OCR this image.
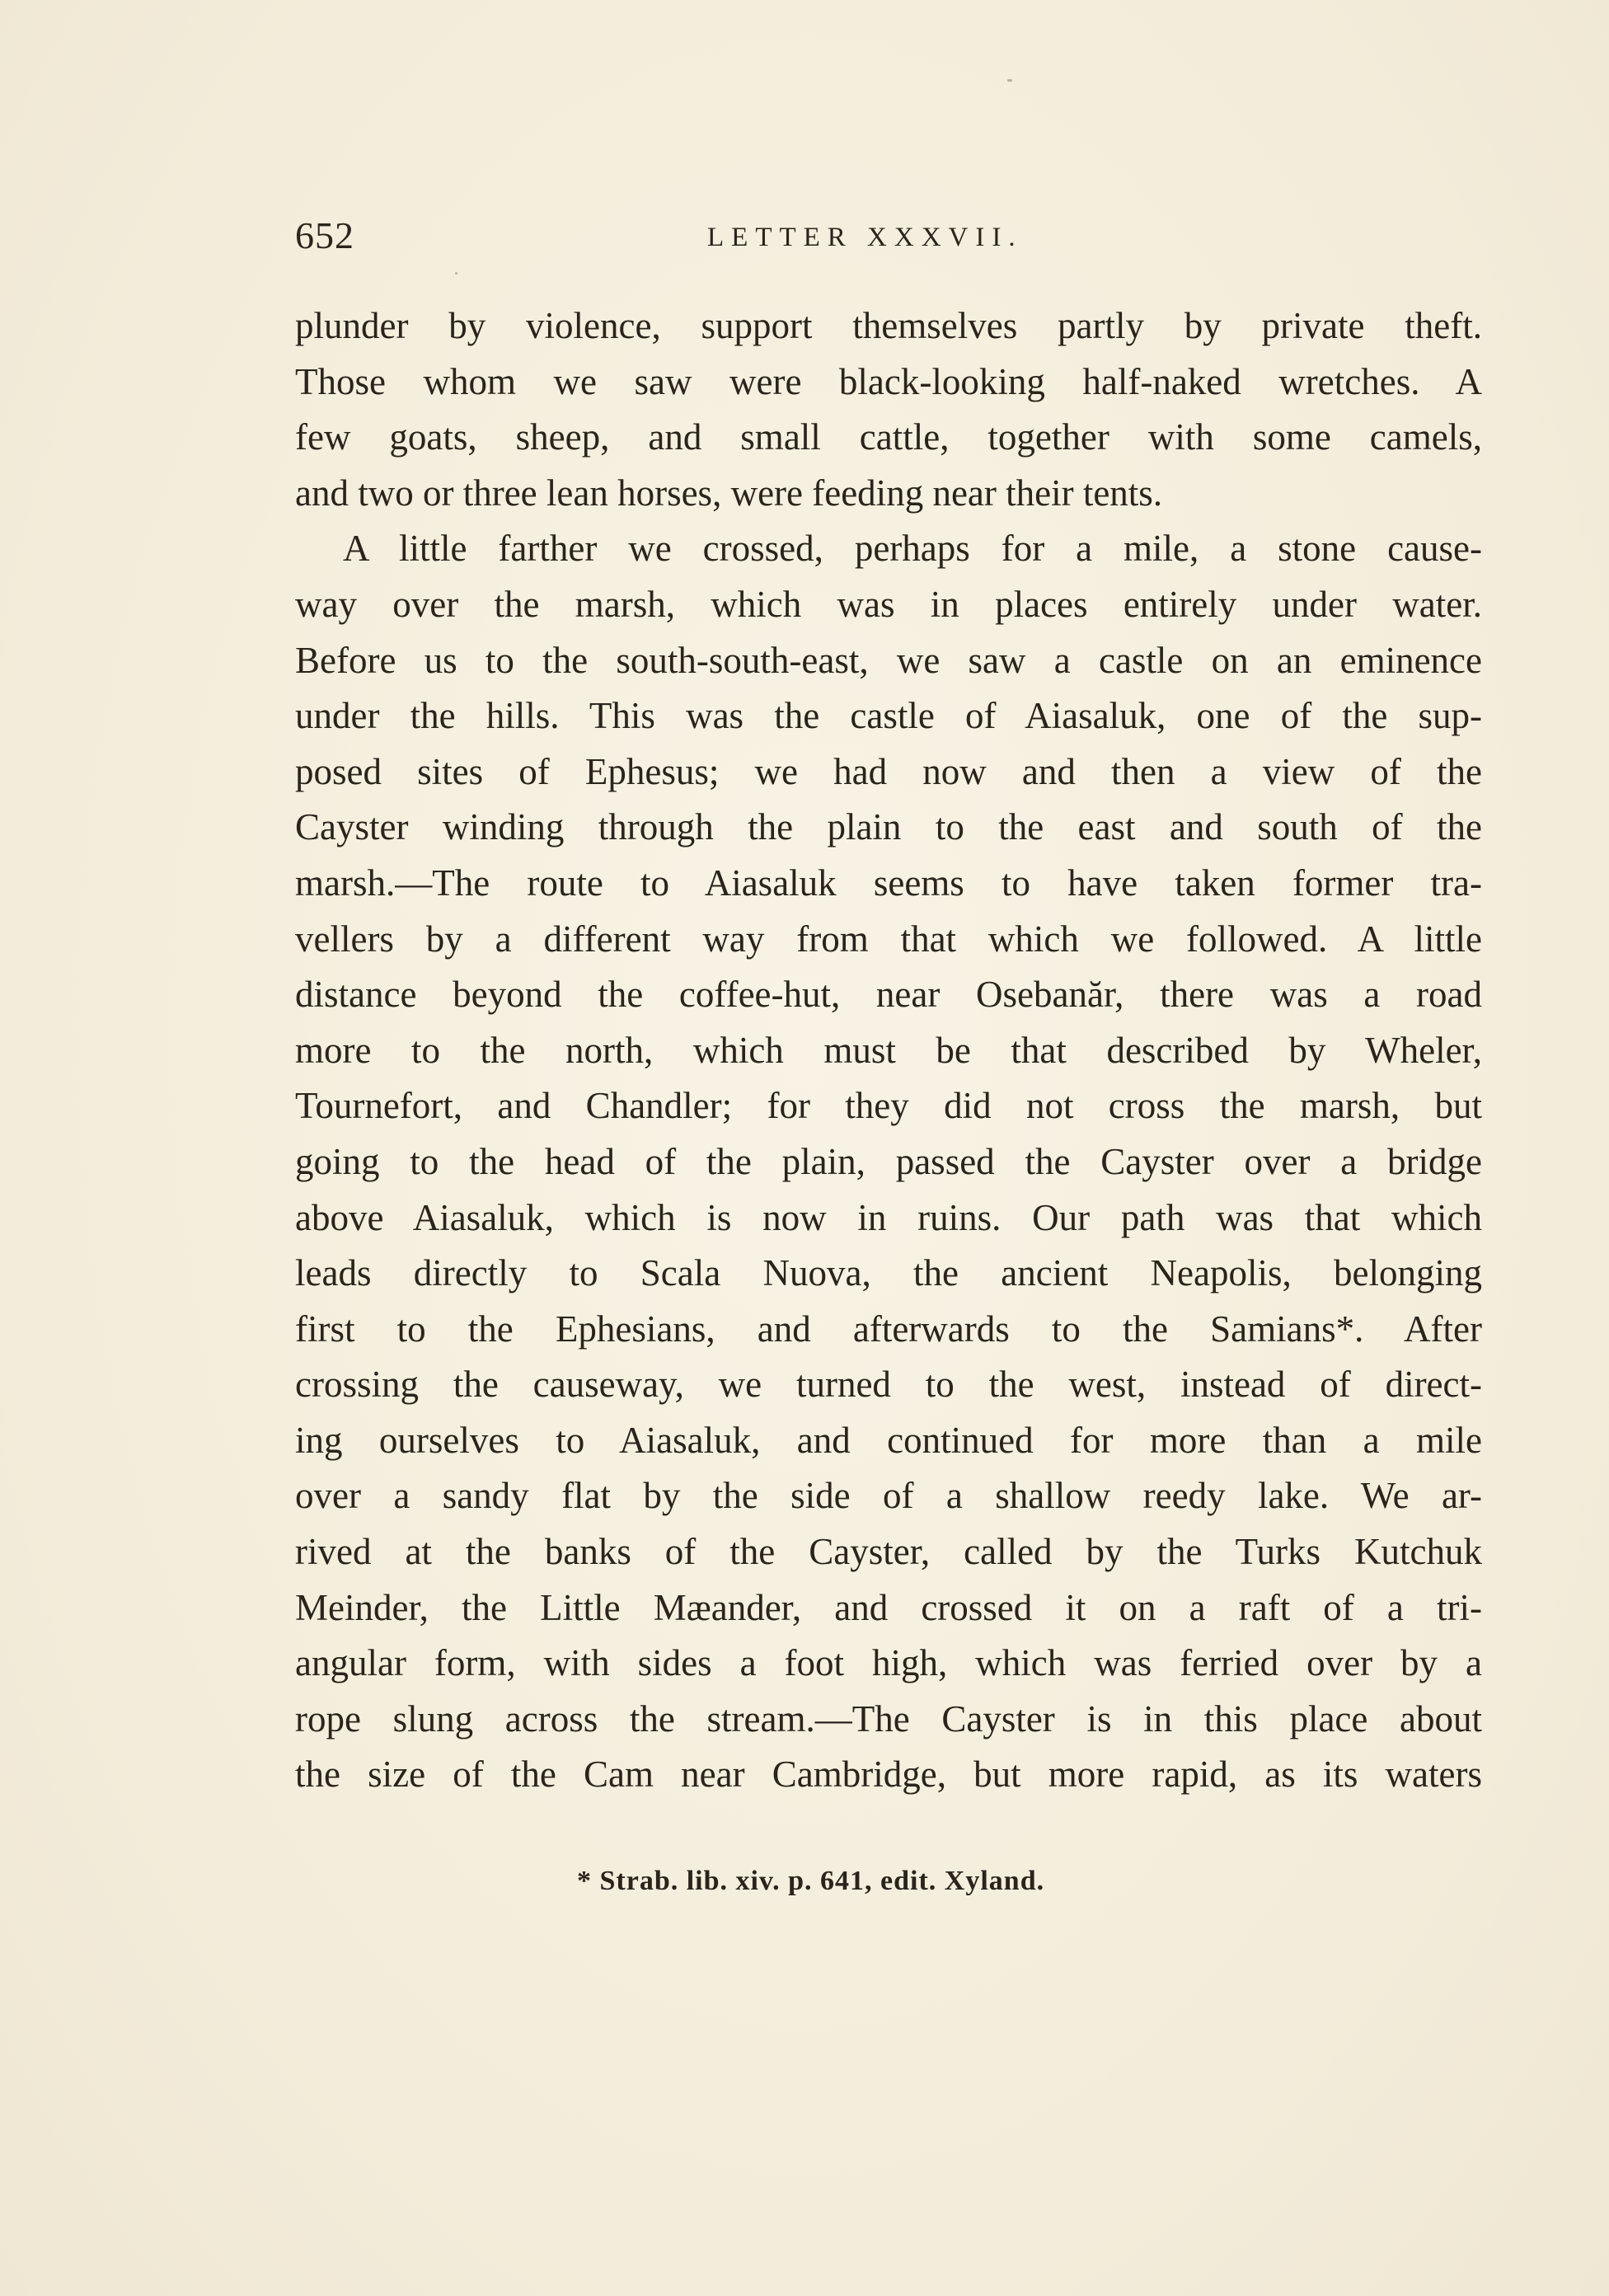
652	LETTER XXXVII.
plunder by violence, support themselves partly by private theft.
Those whom we saw were black-looking half-naked wretches. A
few goats, sheep, and small cattle, together with some camels,
and two or three lean horses, were feeding near their tents.
A little farther we crossed, perhaps for a mile, a stone cause-
way over the marsh, which was in places entirely under water.
Before us to the south-south-east, we saw a castle on an eminence
under the hills. This was the castle of Aiasaluk, one of the sup-
posed sites of Ephesus; we had now and then a view of the
Cayster winding through the plain to the east and south of the
marsh.—The route to Aiasaluk seems to have taken former tra-
vellers by a different way from that which we followed. A little
distance beyond the coffee-hut, near Osebanăr, there was a road
more to the north, which must be that described by Wheler,
Tournefort, and Chandler; for they did not cross the marsh, but
going to the head of the plain, passed the Cayster over a bridge
above Aiasaluk, which is now in ruins. Our path was that which
leads directly to Scala Nuova, the ancient Neapolis, belonging
first to the Ephesians, and afterwards to the Samians*. After
crossing the causeway, we turned to the west, instead of direct-
ing ourselves to Aiasaluk, and continued for more than a mile
over a sandy flat by the side of a shallow reedy lake. We ar-
rived at the banks of the Cayster, called by the Turks Kutchuk
Meinder, the Little Mæander, and crossed it on a raft of a tri-
angular form, with sides a foot high, which was ferried over by a
rope slung across the stream.—The Cayster is in this place about
the size of the Cam near Cambridge, but more rapid, as its waters
* Strab. lib. xiv. p. 641, edit. Xyland.
